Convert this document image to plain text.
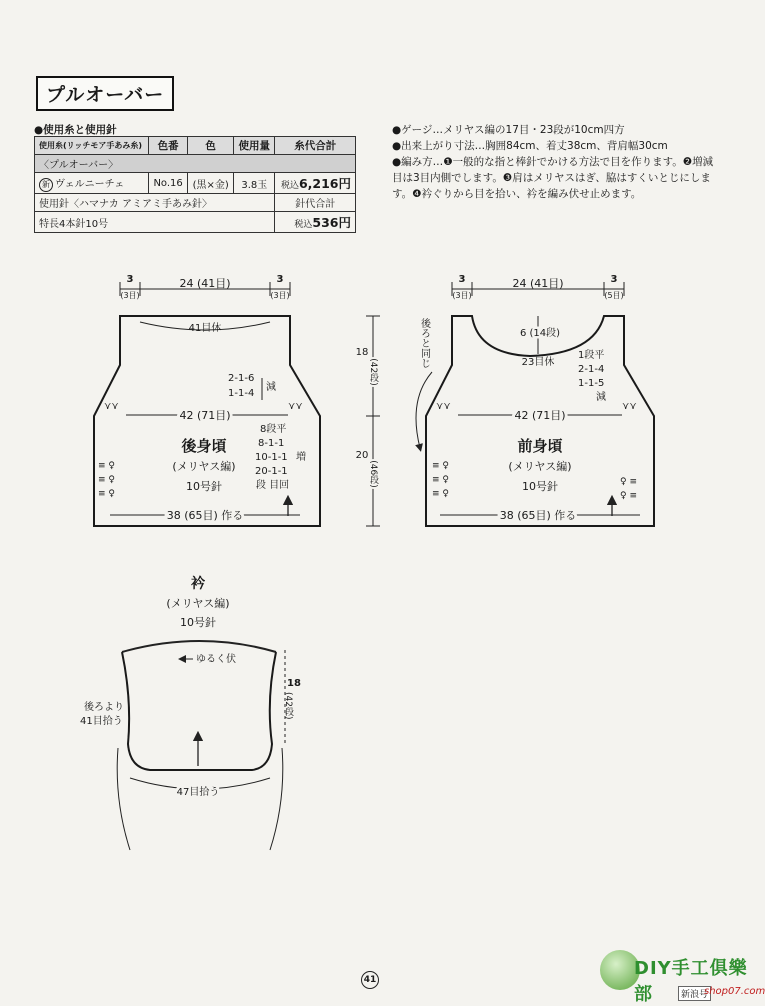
プルオーバー
●使用糸と使用針
使用糸(リッチモア手あみ糸)	色番	色	使用量	糸代合計
〈プルオーバー〉				
新 ヴェルニーチェ	No.16	(黒×金)	3.8玉	税込6,216円
使用針〈ハマナカ アミアミ手あみ針〉				針代合計
特長4本針10号				税込536円

●ゲージ…メリヤス編の17目・23段が10cm四方

●出来上がり寸法…胸囲84cm、着丈38cm、背肩幅30cm

●編み方…❶一般的な指と棒針でかける方法で目を作ります。❷増減目は3目内側でします。❸肩はメリヤスはぎ、脇はすくいとじにします。❹衿ぐりから目を拾い、衿を編み伏せ止めます。

3
(3目)
24 (41目)	3
(3目)
41目休
42 (71目)
2-1-6
1-1-4
減
⋎⋎	⋎⋎
8段平
8-1-1
10-1-1
20-1-1
段 目回
増
≡ ♀
≡ ♀
≡ ♀
後身頃
(メリヤス編)
10号針
38 (65目) 作る
18
(42段)
20
(46段)
3
(3目)
24 (41目)	3
(5目)
6 (14段)
23目休
1段平
2-1-4
1-1-5
減
後ろと同じ
42 (71目)
⋎⋎	⋎⋎
≡ ♀
≡ ♀
≡ ♀
♀ ≡
♀ ≡
前身頃
(メリヤス編)
10号針
38 (65目) 作る
衿
(メリヤス編)
10号針
ゆるく伏
18
(42段)
後ろより
41目拾う
47目拾う
41
DIY手工俱樂部	新浪号
shop07.com
